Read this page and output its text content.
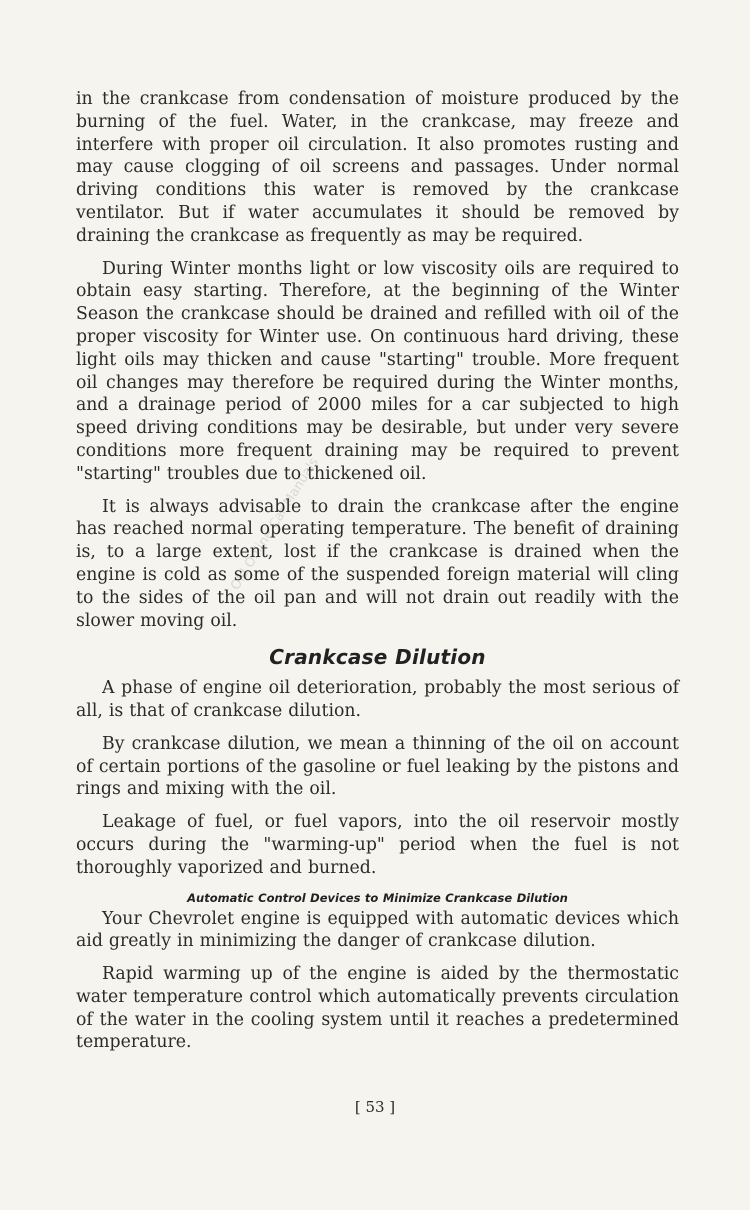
in the crankcase from condensation of moisture produced by the burning of the fuel. Water, in the crankcase, may freeze and interfere with proper oil circulation. It also promotes rusting and may cause clogging of oil screens and passages. Under normal driving conditions this water is removed by the crankcase ventilator. But if water accumulates it should be removed by draining the crankcase as frequently as may be required.

During Winter months light or low viscosity oils are required to obtain easy starting. Therefore, at the beginning of the Winter Season the crankcase should be drained and refilled with oil of the proper viscosity for Winter use. On continuous hard driving, these light oils may thicken and cause "starting" trouble. More frequent oil changes may therefore be required during the Winter months, and a drainage period of 2000 miles for a car subjected to high speed driving conditions may be desirable, but under very severe conditions more frequent draining may be required to prevent "starting" troubles due to thickened oil.

It is always advisable to drain the crankcase after the engine has reached normal operating temperature. The benefit of draining is, to a large extent, lost if the crankcase is drained when the engine is cold as some of the suspended foreign material will cling to the sides of the oil pan and will not drain out readily with the slower moving oil.

Crankcase Dilution

A phase of engine oil deterioration, probably the most serious of all, is that of crankcase dilution.

By crankcase dilution, we mean a thinning of the oil on account of certain portions of the gasoline or fuel leaking by the pistons and rings and mixing with the oil.

Leakage of fuel, or fuel vapors, into the oil reservoir mostly occurs during the "warming-up" period when the fuel is not thoroughly vaporized and burned.

Automatic Control Devices to Minimize Crankcase Dilution

Your Chevrolet engine is equipped with automatic devices which aid greatly in minimizing the danger of crankcase dilution.

Rapid warming up of the engine is aided by the thermostatic water temperature control which automatically prevents circulation of the water in the cooling system until it reaches a predetermined temperature.

Old Online Car Manuals
[ 53 ]
